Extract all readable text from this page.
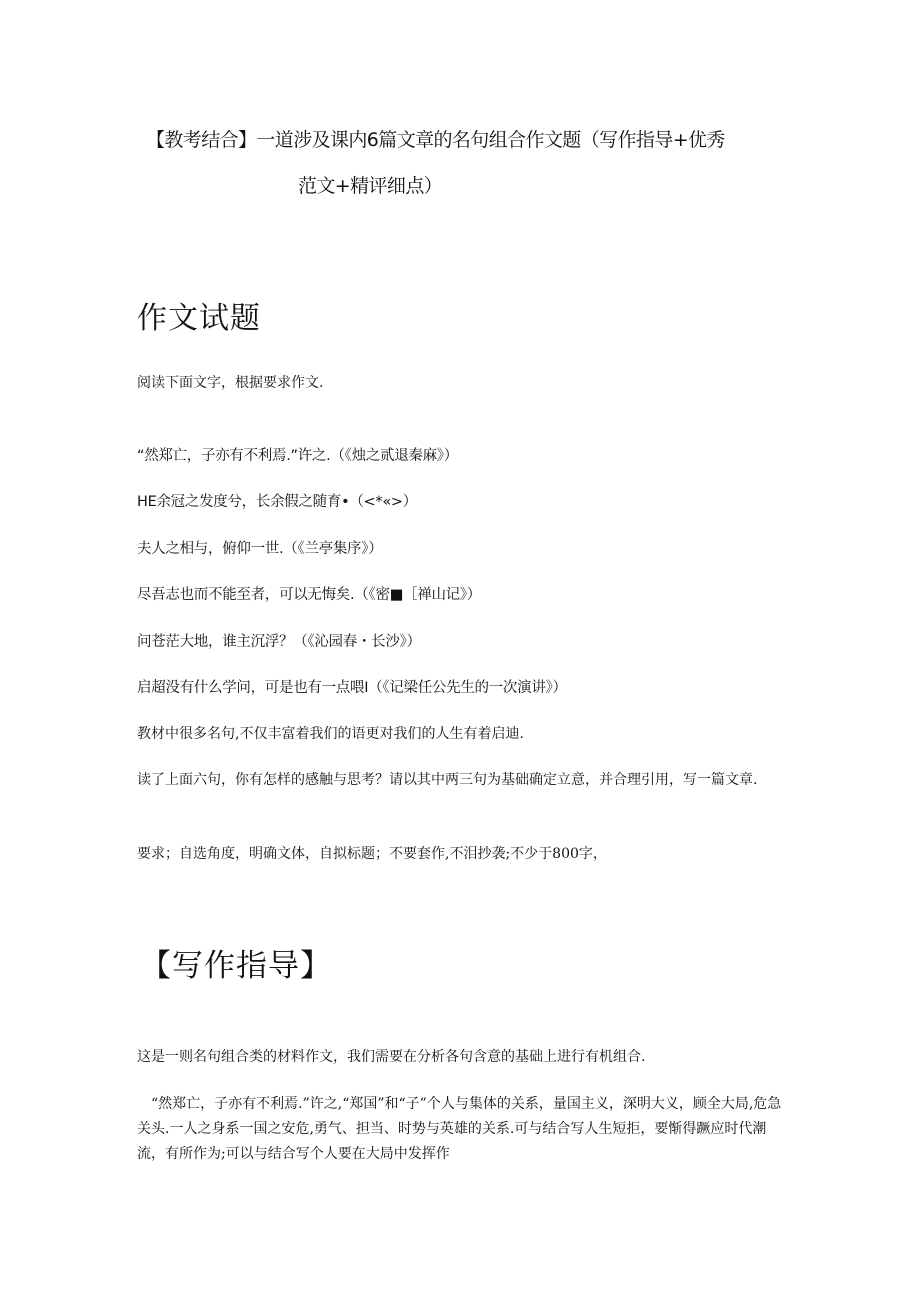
【教考结合】一道涉及课内6篇文章的名句组合作文题（写作指导+优秀
范文+精评细点）
作文试题
阅读下面文字，根据要求作文.
“然郑亡，子亦有不利焉.”许之.（《烛之贰退秦麻》）
HE余冠之发度兮，长余假之随育•（<*«>）
夫人之相与，俯仰一世.（《兰亭集序》）
尽吾志也而不能至者，可以无悔矣.（《密■［禅山记》）
问苍茫大地，谁主沉浮？（《沁园春・长沙》）
启超没有什么学问，可是也有一点喂I（《记梁任公先生的一次演讲》）
教材中很多名句,不仅丰富着我们的语更对我们的人生有着启迪.
读了上面六句，你有怎样的感触与思考？请以其中两三句为基础确定立意，并合理引用，写一篇文章.
要求；自选角度，明确文体，自拟标题；不要套作,不泪抄袭;不少于800字，
【写作指导】
这是一则名句组合类的材料作文，我们需要在分析各句含意的基础上进行有机组合.
“然郑亡，子亦有不利焉.”许之,“郑国”和“子”个人与集体的关系，量国主义，深明大义，顾全大局,危急关头.一人之身系一国之安危,勇气、担当、时势与英雄的关系.可与结合写人生短拒，要惭得蹶应时代潮流，有所作为;可以与结合写个人要在大局中发挥作
